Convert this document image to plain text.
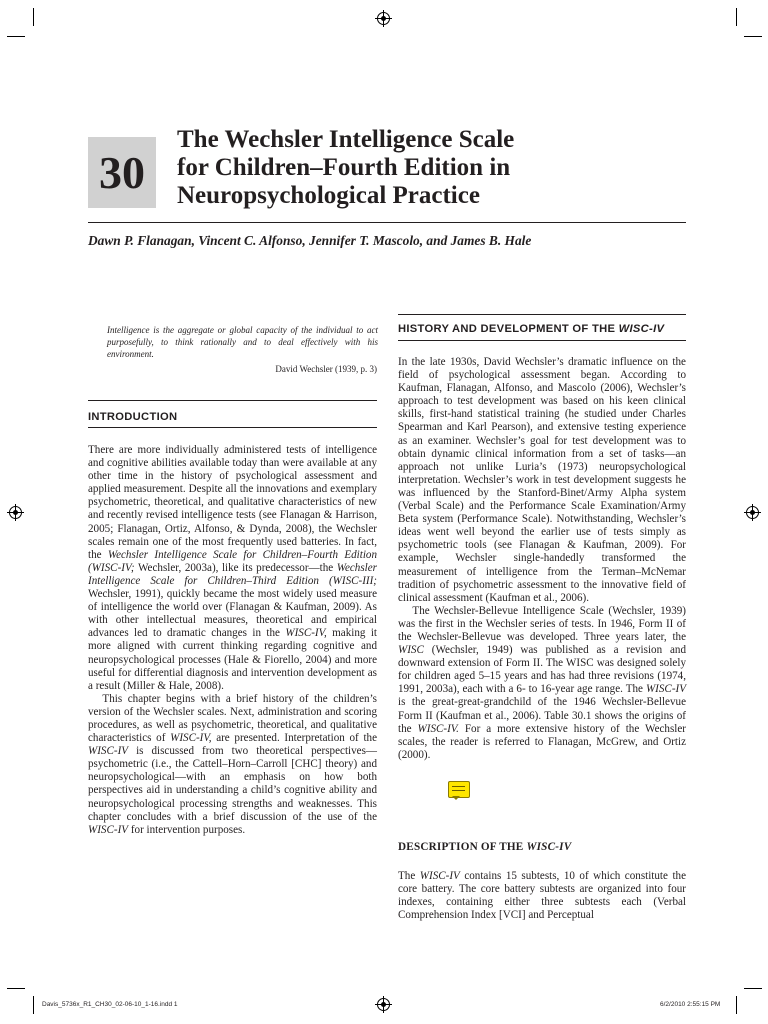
30
The Wechsler Intelligence Scale
for Children–Fourth Edition in
Neuropsychological Practice
Dawn P. Flanagan, Vincent C. Alfonso, Jennifer T. Mascolo, and James B. Hale
Intelligence is the aggregate or global capacity of the individual to act purposefully, to think rationally and to deal effectively with his environment.
David Wechsler (1939, p. 3)
INTRODUCTION

There are more individually administered tests of intelligence and cognitive abilities available today than were available at any other time in the history of psychological assessment and applied measurement. Despite all the innovations and exemplary psychometric, theoretical, and qualitative characteristics of new and recently revised intelligence tests (see Flanagan & Harrison, 2005; Flanagan, Ortiz, Alfonso, & Dynda, 2008), the Wechsler scales remain one of the most frequently used batteries. In fact, the Wechsler Intelligence Scale for Children–Fourth Edition (WISC-IV; Wechsler, 2003a), like its predecessor—the Wechsler Intelligence Scale for Children–Third Edition (WISC-III; Wechsler, 1991), quickly became the most widely used measure of intelligence the world over (Flanagan & Kaufman, 2009). As with other intellectual measures, theoretical and empirical advances led to dramatic changes in the WISC-IV, making it more aligned with current thinking regarding cognitive and neuropsychological processes (Hale & Fiorello, 2004) and more useful for differential diagnosis and intervention development as a result (Miller & Hale, 2008).

This chapter begins with a brief history of the children’s version of the Wechsler scales. Next, administration and scoring procedures, as well as psychometric, theoretical, and qualitative characteristics of WISC-IV, are presented. Interpretation of the WISC-IV is discussed from two theoretical perspectives—psychometric (i.e., the Cattell–Horn–Carroll [CHC] theory) and neuropsychological—with an emphasis on how both perspectives aid in understanding a child’s cognitive ability and neuropsychological processing strengths and weaknesses. This chapter concludes with a brief discussion of the use of the WISC-IV for intervention purposes.

HISTORY AND DEVELOPMENT OF THE WISC-IV

In the late 1930s, David Wechsler’s dramatic influence on the field of psychological assessment began. According to Kaufman, Flanagan, Alfonso, and Mascolo (2006), Wechsler’s approach to test development was based on his keen clinical skills, first-hand statistical training (he studied under Charles Spearman and Karl Pearson), and extensive testing experience as an examiner. Wechsler’s goal for test development was to obtain dynamic clinical information from a set of tasks—an approach not unlike Luria’s (1973) neuropsychological interpretation. Wechsler’s work in test development suggests he was influenced by the Stanford-Binet/Army Alpha system (Verbal Scale) and the Performance Scale Examination/Army Beta system (Performance Scale). Notwithstanding, Wechsler’s ideas went well beyond the earlier use of tests simply as psychometric tools (see Flanagan & Kaufman, 2009). For example, Wechsler single-handedly transformed the measurement of intelligence from the Terman–McNemar tradition of psychometric assessment to the innovative field of clinical assessment (Kaufman et al., 2006).

The Wechsler-Bellevue Intelligence Scale (Wechsler, 1939) was the first in the Wechsler series of tests. In 1946, Form II of the Wechsler-Bellevue was developed. Three years later, the WISC (Wechsler, 1949) was published as a revision and downward extension of Form II. The WISC was designed solely for children aged 5–15 years and has had three revisions (1974, 1991, 2003a), each with a 6- to 16-year age range. The WISC-IV is the great-great-grandchild of the 1946 Wechsler-Bellevue Form II (Kaufman et al., 2006). Table 30.1 shows the origins of the WISC-IV. For a more extensive history of the Wechsler scales, the reader is referred to Flanagan, McGrew, and Ortiz (2000).

DESCRIPTION OF THE WISC-IV

The WISC-IV contains 15 subtests, 10 of which constitute the core battery. The core battery subtests are organized into four indexes, containing either three subtests each (Verbal Comprehension Index [VCI] and Perceptual

Davis_5736x_R1_CH30_02-06-10_1-16.indd 1	6/2/2010 2:55:15 PM
